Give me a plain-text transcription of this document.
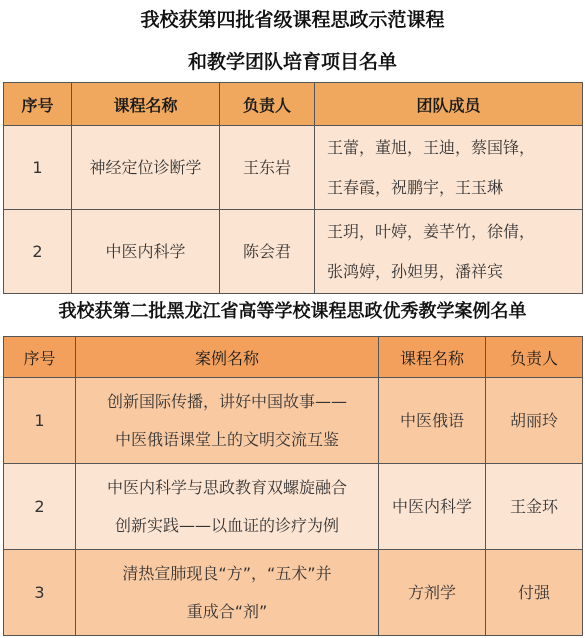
我校获第四批省级课程思政示范课程
和教学团队培育项目名单
序号	课程名称	负责人	团队成员
1	神经定位诊断学	王东岩	王蕾，董旭，王迪，蔡国锋，
王春霞，祝鹏宇，王玉琳

2	中医内科学	陈会君	王玥，叶婷，姜芊竹，徐倩，
张鸿婷，孙妲男，潘祥宾
我校获第二批黑龙江省高等学校课程思政优秀教学案例名单
序号	案例名称	课程名称	负责人
1	创新国际传播，讲好中国故事——
中医俄语课堂上的文明交流互鉴	中医俄语	胡丽玲
2	中医内科学与思政教育双螺旋融合
创新实践——以血证的诊疗为例	中医内科学	王金环
3	清热宣肺现良“方”，“五术”并
重成合“剂”	方剂学	付强
